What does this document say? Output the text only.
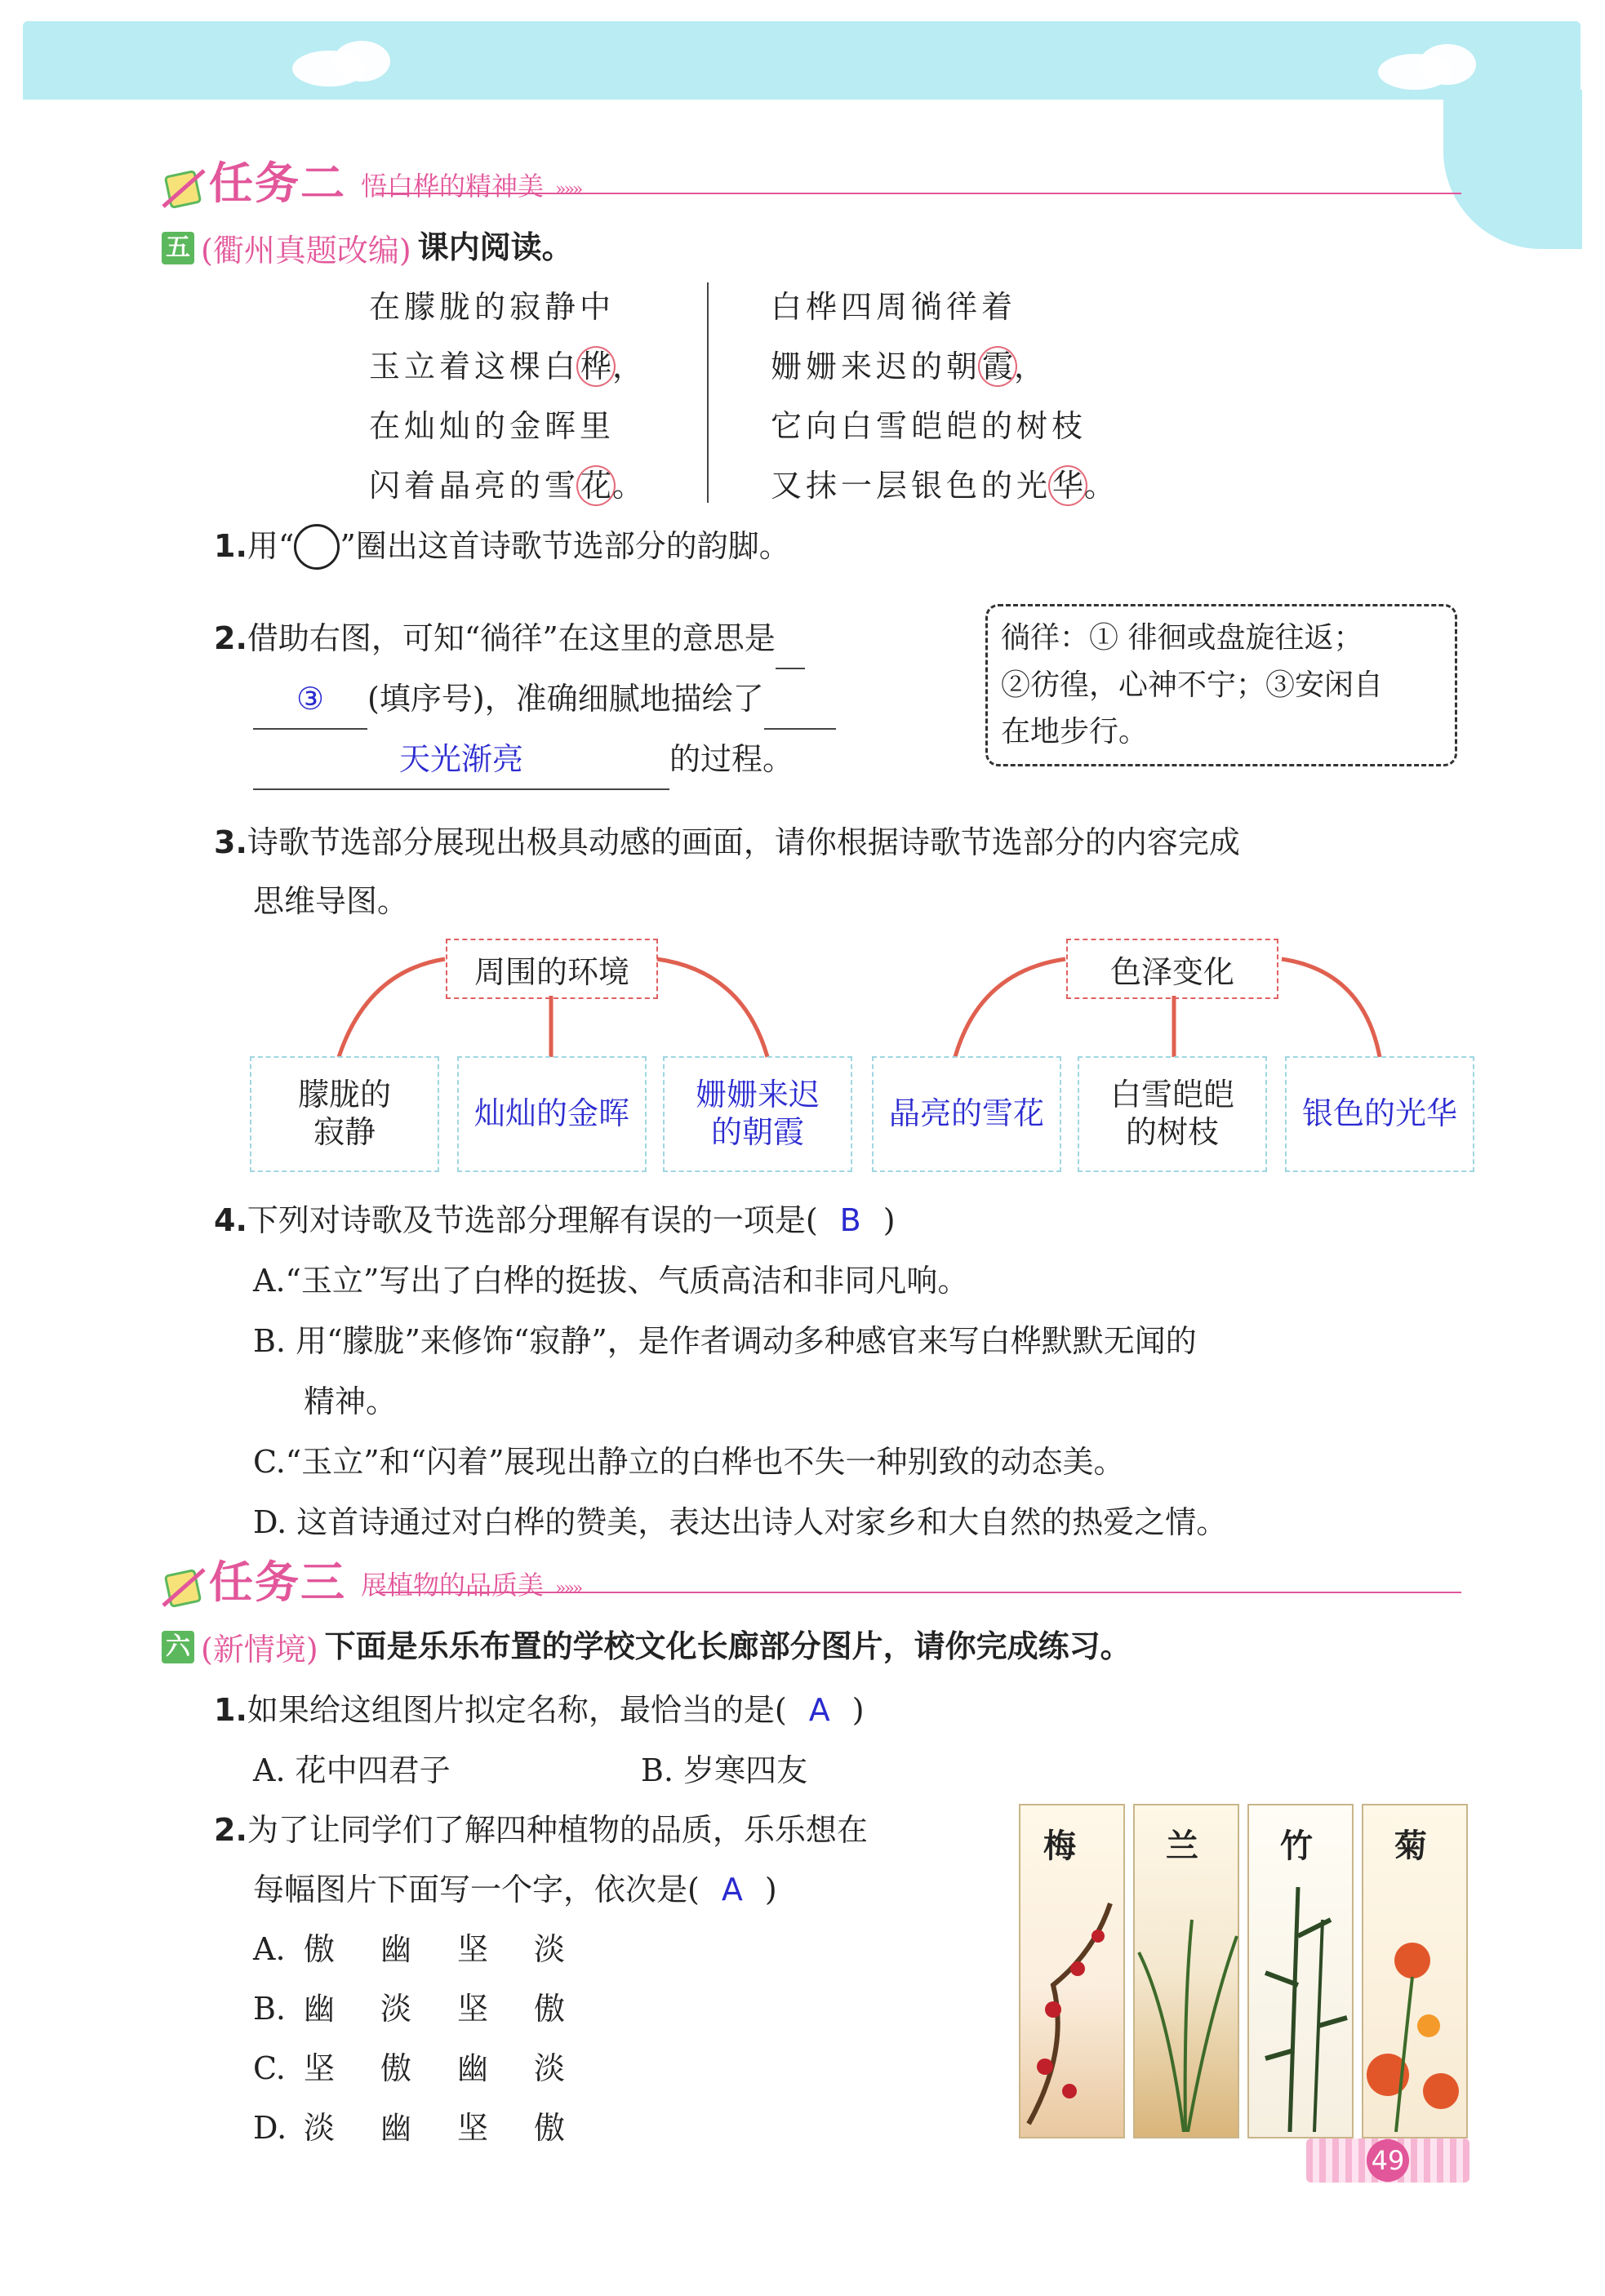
任务二 悟白桦的精神美 »»»
五 (衢州真题改编) 课内阅读。
在朦胧的寂静中
玉立着这棵白桦，
在灿灿的金晖里
闪着晶亮的雪花。
白桦四周徜 ·徉 ·着
姗姗来迟的朝霞，
它向白雪皑皑的树枝
又抹一层银色的光华。
1. 用“ ”圈出这首诗歌节选部分的韵脚。
2.借助右图，可知“徜徉”在这里的意思是
③ (填序号)，准确细腻地描绘了
天光渐亮	的过程。
徜徉：① 徘徊或盘旋往返；
②彷徨，心神不宁；③安闲自
在地步行。
3.诗歌节选部分展现出极具动感的画面，请你根据诗歌节选部分的内容完成
思维导图。
周围的环境	色泽变化
朦胧的
寂静
灿灿的金晖
姗姗来迟
的朝霞
晶亮的雪花
白雪皑皑
的树枝
银色的光华
4.下列对诗歌及节选部分理解有误的一项是( B )
A.“玉立”写出了白桦的挺拔、气质高洁和非同凡响。
B. 用“朦胧”来修饰“寂静”，是作者调动多种感官来写白桦默默无闻的
精神。
C.“玉立”和“闪着”展现出静立的白桦也不失一种别致的动态美。
D. 这首诗通过对白桦的赞美，表达出诗人对家乡和大自然的热爱之情。
任务三 展植物的品质美 »»»
六 (新情境) 下面是乐乐布置的学校文化长廊部分图片，请你完成练习。
1.如果给这组图片拟定名称，最恰当的是( A )
A. 花中四君子	B. 岁寒四友
2.为了让同学们了解四种植物的品质，乐乐想在
每幅图片下面写一个字，依次是( A )
A. 傲 幽 坚 淡
B. 幽 淡 坚 傲
C. 坚 傲 幽 淡
D. 淡 幽 坚 傲
梅	兰	竹	菊
49
